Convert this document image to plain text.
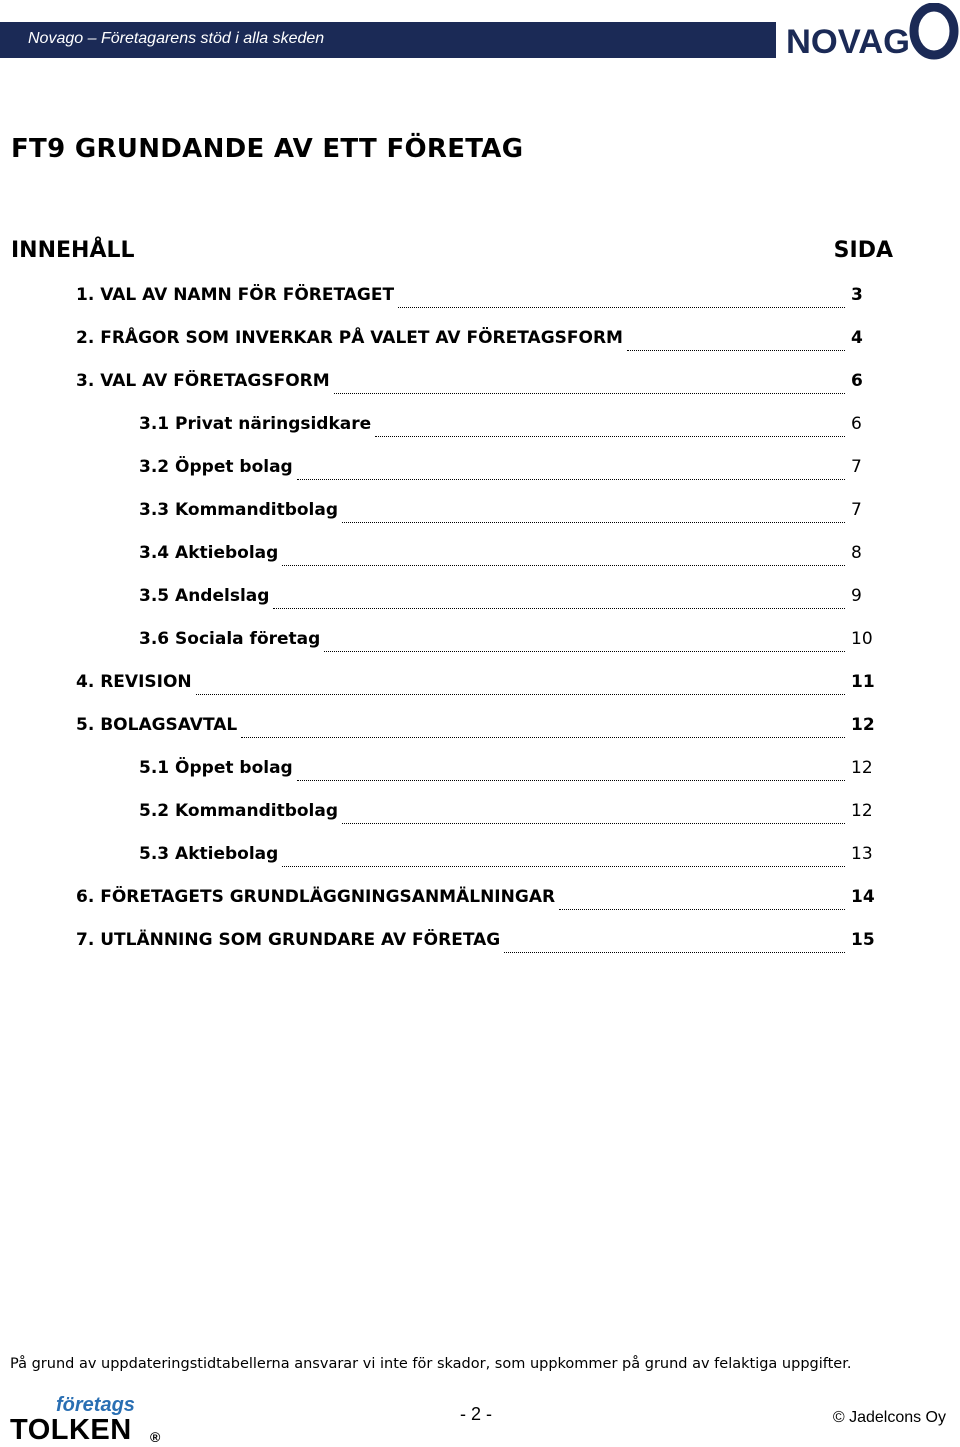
Novago – Företagarens stöd i alla skeden	NOVAG
FT9 GRUNDANDE AV ETT FÖRETAG
INNEHÅLL	SIDA
1. VAL AV NAMN FÖR FÖRETAGET	3
2. FRÅGOR SOM INVERKAR PÅ VALET AV FÖRETAGSFORM	4
3. VAL AV FÖRETAGSFORM	6
3.1 Privat näringsidkare	6
3.2 Öppet bolag	7
3.3 Kommanditbolag	7
3.4 Aktiebolag	8
3.5 Andelslag	9
3.6 Sociala företag	10
4. REVISION	11
5. BOLAGSAVTAL	12
5.1 Öppet bolag	12
5.2 Kommanditbolag	12
5.3 Aktiebolag	13
6. FÖRETAGETS GRUNDLÄGGNINGSANMÄLNINGAR	14
7. UTLÄNNING SOM GRUNDARE AV FÖRETAG	15
På grund av uppdateringstidtabellerna ansvarar vi inte för skador, som uppkommer på grund av felaktiga uppgifter.
företags
TOLKEN ®
- 2 -	© Jadelcons Oy
